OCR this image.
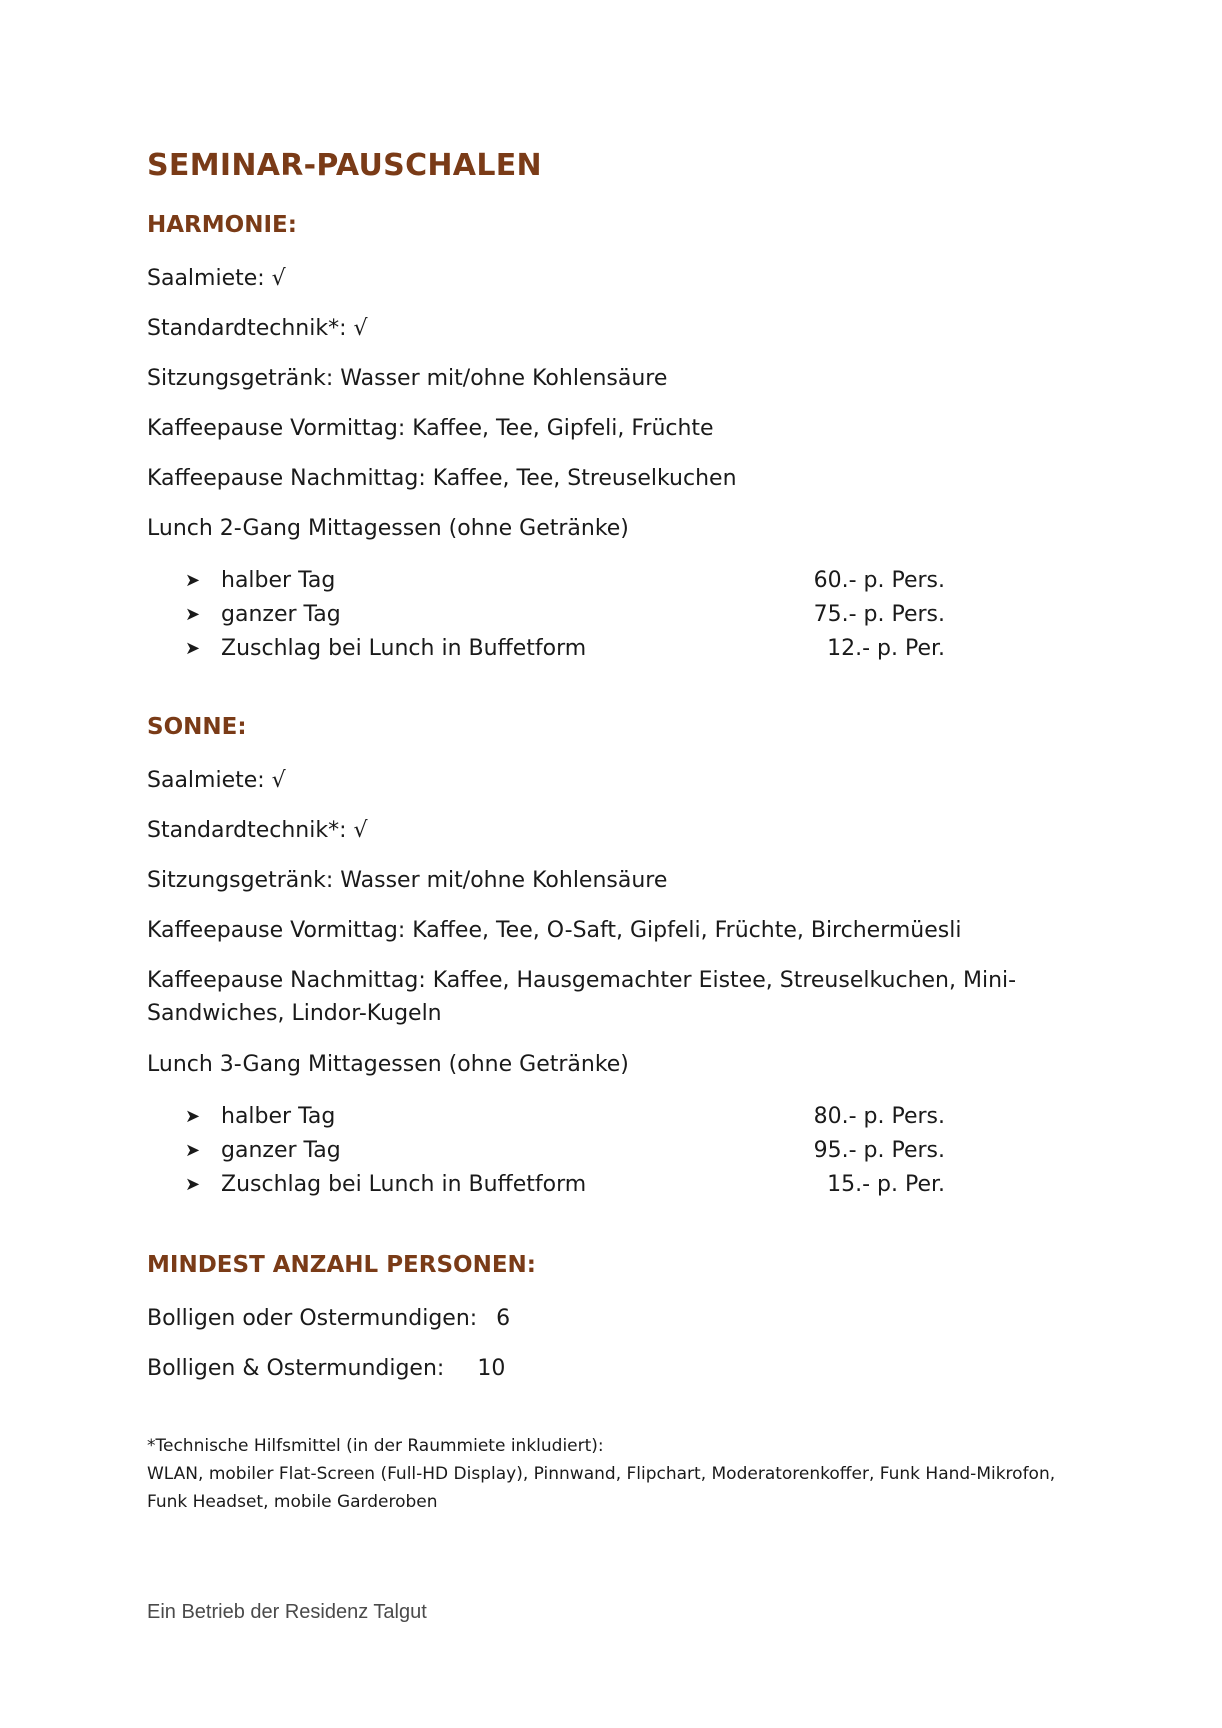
SEMINAR-PAUSCHALEN
HARMONIE:
Saalmiete: √
Standardtechnik*: √
Sitzungsgetränk: Wasser mit/ohne Kohlensäure
Kaffeepause Vormittag: Kaffee, Tee, Gipfeli, Früchte
Kaffeepause Nachmittag: Kaffee, Tee, Streuselkuchen
Lunch 2-Gang Mittagessen (ohne Getränke)
➤ halber Tag	60.- p. Pers.
➤ ganzer Tag	75.- p. Pers.
➤ Zuschlag bei Lunch in Buffetform	12.- p. Per.
SONNE:
Saalmiete: √
Standardtechnik*: √
Sitzungsgetränk: Wasser mit/ohne Kohlensäure
Kaffeepause Vormittag: Kaffee, Tee, O-Saft, Gipfeli, Früchte, Birchermüesli
Kaffeepause Nachmittag: Kaffee, Hausgemachter Eistee, Streuselkuchen, Mini-Sandwiches, Lindor-Kugeln
Lunch 3-Gang Mittagessen (ohne Getränke)
➤ halber Tag	80.- p. Pers.
➤ ganzer Tag	95.- p. Pers.
➤ Zuschlag bei Lunch in Buffetform	15.- p. Per.
MINDEST ANZAHL PERSONEN:
Bolligen oder Ostermundigen: 6
Bolligen & Ostermundigen: 10
*Technische Hilfsmittel (in der Raummiete inkludiert):
WLAN, mobiler Flat-Screen (Full-HD Display), Pinnwand, Flipchart, Moderatorenkoffer, Funk Hand-Mikrofon, Funk Headset, mobile Garderoben
Ein Betrieb der Residenz Talgut
